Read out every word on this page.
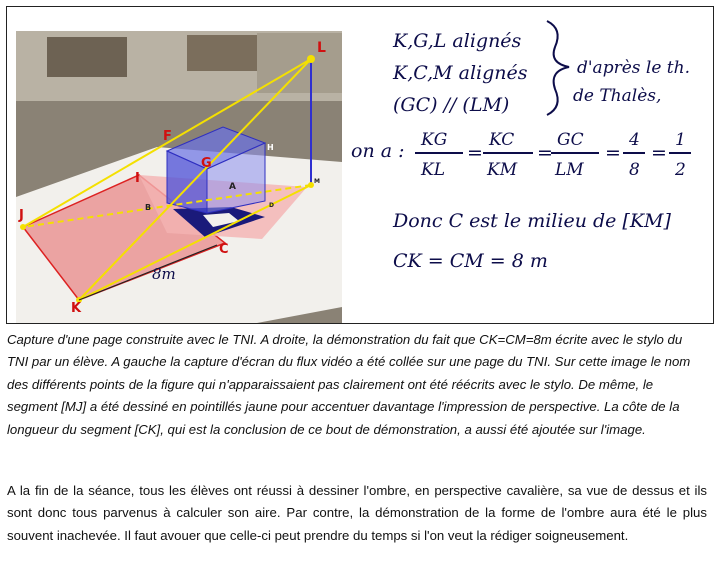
L
F
G
H
I
J
B
A
M
C
D
K
8m
K,G,L alignés
K,C,M alignés
(GC) // (LM)
d'après le th.
de Thalès,
on a : KG
KL
=
KC
KM
=
GC
LM
=
4
8
=
1
2
Donc C est le milieu de [KM]
CK = CM = 8 m

Capture d'une page construite avec le TNI. A droite, la démonstration du fait que CK=CM=8m écrite avec le stylo du TNI par un élève. A gauche la capture d'écran du flux vidéo a été collée sur une page du TNI. Sur cette image le nom des différents points de la figure qui n'apparaissaient pas clairement ont été réécrits avec le stylo. De même, le segment [MJ] a été dessiné en pointillés jaune pour accentuer davantage l'impression de perspective. La côte de la longueur du segment [CK], qui est la conclusion de ce bout de démonstration, a aussi été ajoutée sur l'image.

A la fin de la séance, tous les élèves ont réussi à dessiner l'ombre, en perspective cavalière, sa vue de dessus et ils sont donc tous parvenus à calculer son aire. Par contre, la démonstration de la forme de l'ombre aura été le plus souvent inachevée. Il faut avouer que celle-ci peut prendre du temps si l'on veut la rédiger soigneusement.
